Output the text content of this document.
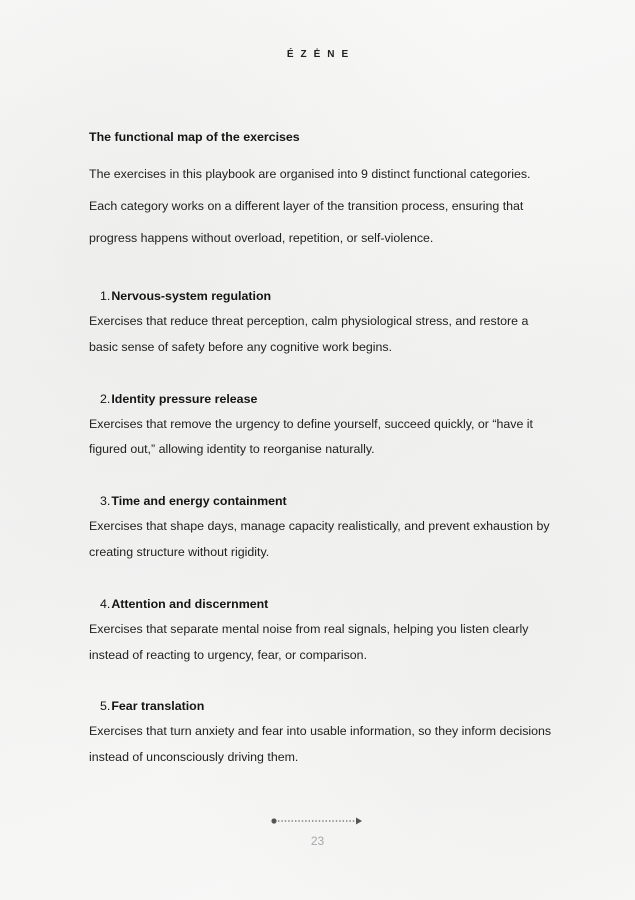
ÉZĖNE
The functional map of the exercises

The exercises in this playbook are organised into 9 distinct functional categories. Each category works on a different layer of the transition process, ensuring that progress happens without overload, repetition, or self-violence.

1.Nervous-system regulation
Exercises that reduce threat perception, calm physiological stress, and restore a basic sense of safety before any cognitive work begins.
2.Identity pressure release
Exercises that remove the urgency to define yourself, succeed quickly, or “have it figured out,” allowing identity to reorganise naturally.
3.Time and energy containment
Exercises that shape days, manage capacity realistically, and prevent exhaustion by creating structure without rigidity.
4.Attention and discernment
Exercises that separate mental noise from real signals, helping you listen clearly instead of reacting to urgency, fear, or comparison.
5.Fear translation
Exercises that turn anxiety and fear into usable information, so they inform decisions instead of unconsciously driving them.
23
